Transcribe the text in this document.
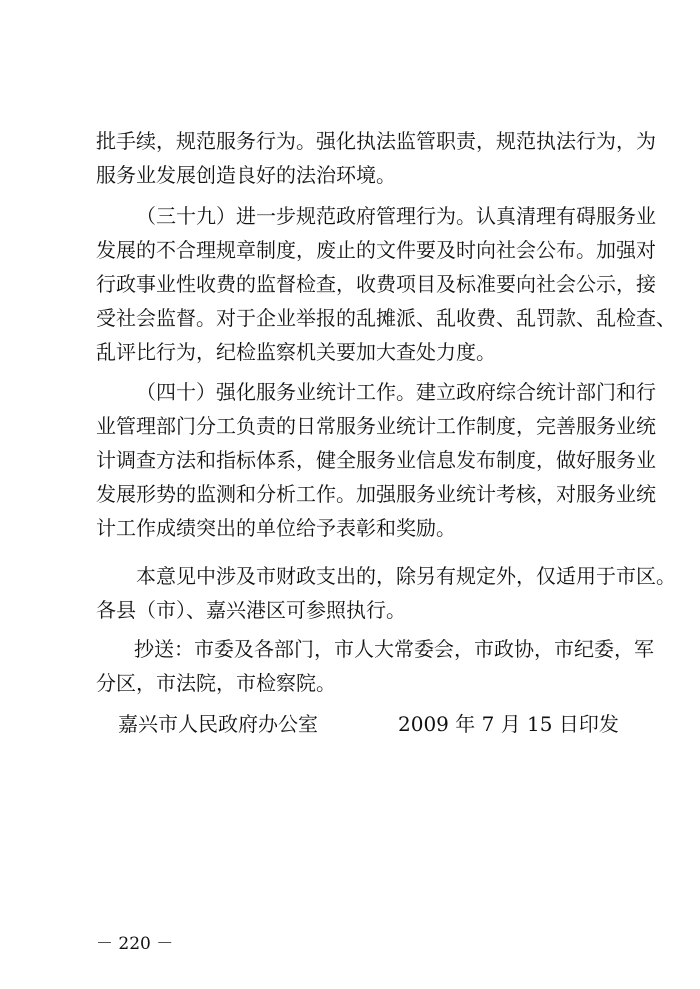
批手续，规范服务行为。强化执法监管职责，规范执法行为，为
服务业发展创造良好的法治环境。
（三十九）进一步规范政府管理行为。认真清理有碍服务业
发展的不合理规章制度，废止的文件要及时向社会公布。加强对
行政事业性收费的监督检查，收费项目及标准要向社会公示，接
受社会监督。对于企业举报的乱摊派、乱收费、乱罚款、乱检查、
乱评比行为，纪检监察机关要加大查处力度。
（四十）强化服务业统计工作。建立政府综合统计部门和行
业管理部门分工负责的日常服务业统计工作制度，完善服务业统
计调查方法和指标体系，健全服务业信息发布制度，做好服务业
发展形势的监测和分析工作。加强服务业统计考核，对服务业统
计工作成绩突出的单位给予表彰和奖励。
本意见中涉及市财政支出的，除另有规定外，仅适用于市区。
各县（市）、嘉兴港区可参照执行。
抄送：市委及各部门，市人大常委会，市政协，市纪委，军
分区，市法院，市检察院。
嘉兴市人民政府办公室	2009 年 7 月 15 日印发
－ 220 －
